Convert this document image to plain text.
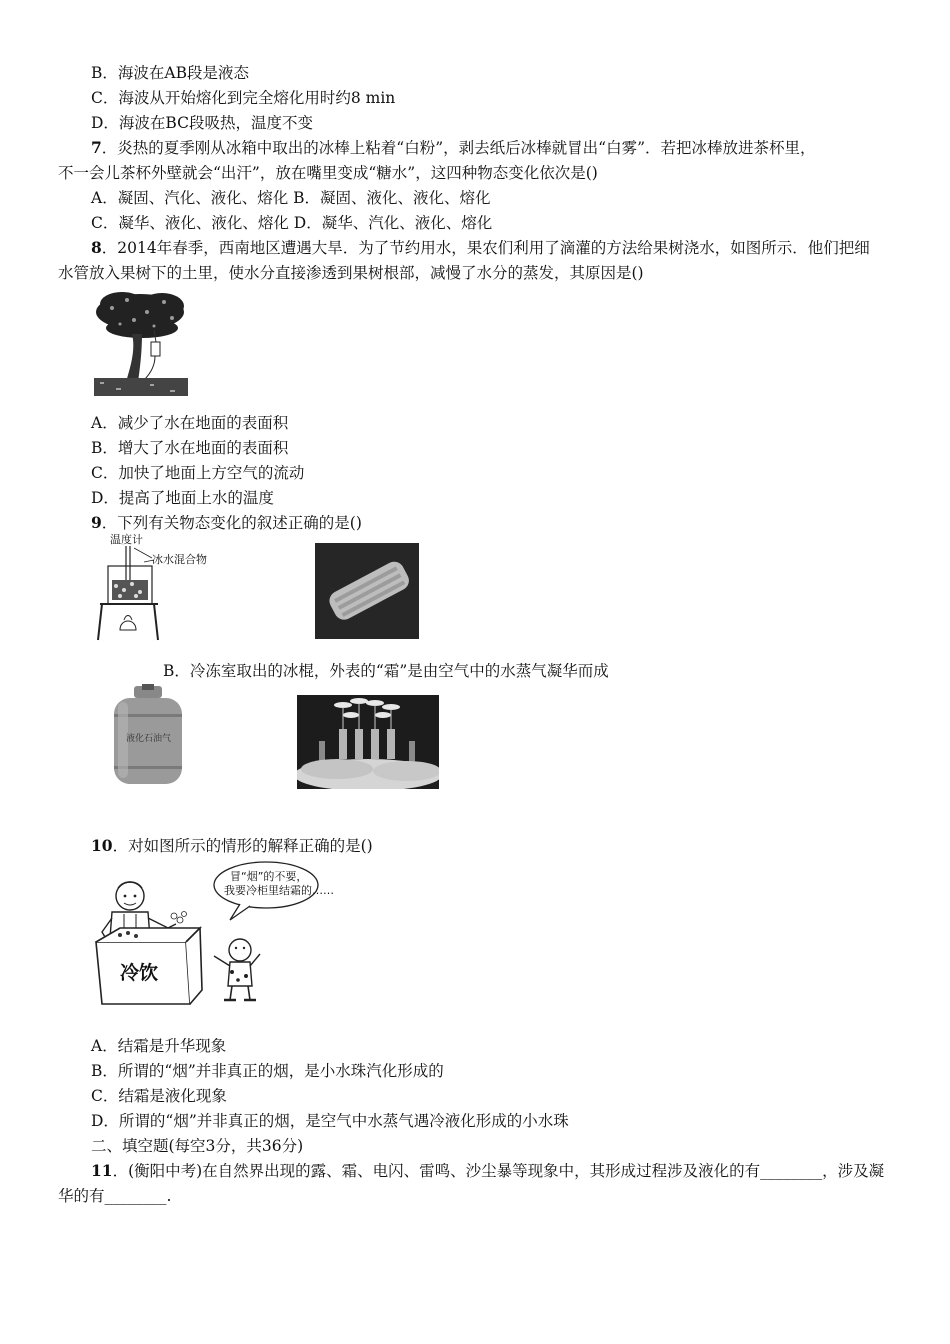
B．海波在AB段是液态
C．海波从开始熔化到完全熔化用时约8 min
D．海波在BC段吸热，温度不变
7．炎热的夏季刚从冰箱中取出的冰棒上粘着“白粉”，剥去纸后冰棒就冒出“白雾”．若把冰棒放进茶杯里，
不一会儿茶杯外壁就会“出汗”，放在嘴里变成“糖水”，这四种物态变化依次是()
A．凝固、汽化、液化、熔化 B．凝固、液化、液化、熔化
C．凝华、液化、液化、熔化 D．凝华、汽化、液化、熔化
8．2014年春季，西南地区遭遇大旱．为了节约用水，果农们利用了滴灌的方法给果树浇水，如图所示．他们把细
水管放入果树下的土里，使水分直接渗透到果树根部，减慢了水分的蒸发，其原因是()
A．减少了水在地面的表面积
B．增大了水在地面的表面积
C．加快了地面上方空气的流动
D．提高了地面上水的温度
9．下列有关物态变化的叙述正确的是()
温度计
冰水混合物
B．冷冻室取出的冰棍，外表的“霜”是由空气中的水蒸气凝华而成
液化石油气
10．对如图所示的情形的解释正确的是()
冒“烟”的不要，
我要冷柜里结霜的……
冷饮
A．结霜是升华现象
B．所谓的“烟”并非真正的烟，是小水珠汽化形成的
C．结霜是液化现象
D．所谓的“烟”并非真正的烟，是空气中水蒸气遇冷液化形成的小水珠
二、填空题(每空3分，共36分)
11．(衡阳中考)在自然界出现的露、霜、电闪、雷鸣、沙尘暴等现象中，其形成过程涉及液化的有________，涉及凝
华的有________.
